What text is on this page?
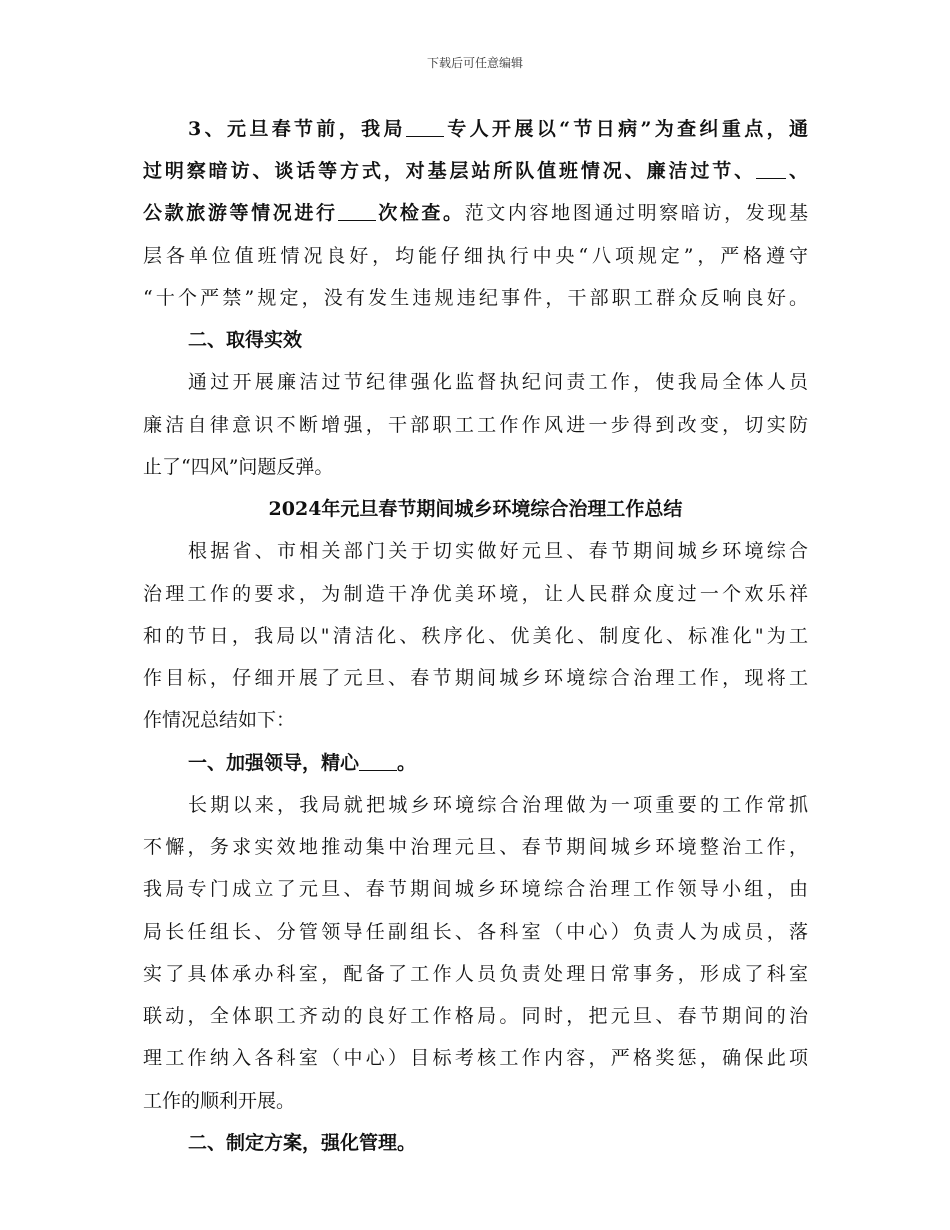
下载后可任意编辑
3、元旦春节前，我局 专人开展以“节日病”为查纠重点，通
过明察暗访、谈话等方式，对基层站所队值班情况、廉洁过节、 、
公款旅游等情况进行 次检查。范文内容地图通过明察暗访，发现基
层各单位值班情况良好，均能仔细执行中央“八项规定”，严格遵守
“十个严禁”规定，没有发生违规违纪事件，干部职工群众反响良好。
二、取得实效
通过开展廉洁过节纪律强化监督执纪问责工作，使我局全体人员
廉洁自律意识不断增强，干部职工工作作风进一步得到改变，切实防
止了“四风”问题反弹。
2024年元旦春节期间城乡环境综合治理工作总结
根据省、市相关部门关于切实做好元旦、春节期间城乡环境综合
治理工作的要求，为制造干净优美环境，让人民群众度过一个欢乐祥
和的节日，我局以"清洁化、秩序化、优美化、制度化、标准化"为工
作目标，仔细开展了元旦、春节期间城乡环境综合治理工作，现将工
作情况总结如下：
一、加强领导，精心 。
长期以来，我局就把城乡环境综合治理做为一项重要的工作常抓
不懈，务求实效地推动集中治理元旦、春节期间城乡环境整治工作，
我局专门成立了元旦、春节期间城乡环境综合治理工作领导小组，由
局长任组长、分管领导任副组长、各科室（中心）负责人为成员，落
实了具体承办科室，配备了工作人员负责处理日常事务，形成了科室
联动，全体职工齐动的良好工作格局。同时，把元旦、春节期间的治
理工作纳入各科室（中心）目标考核工作内容，严格奖惩，确保此项
工作的顺利开展。
二、制定方案，强化管理。
